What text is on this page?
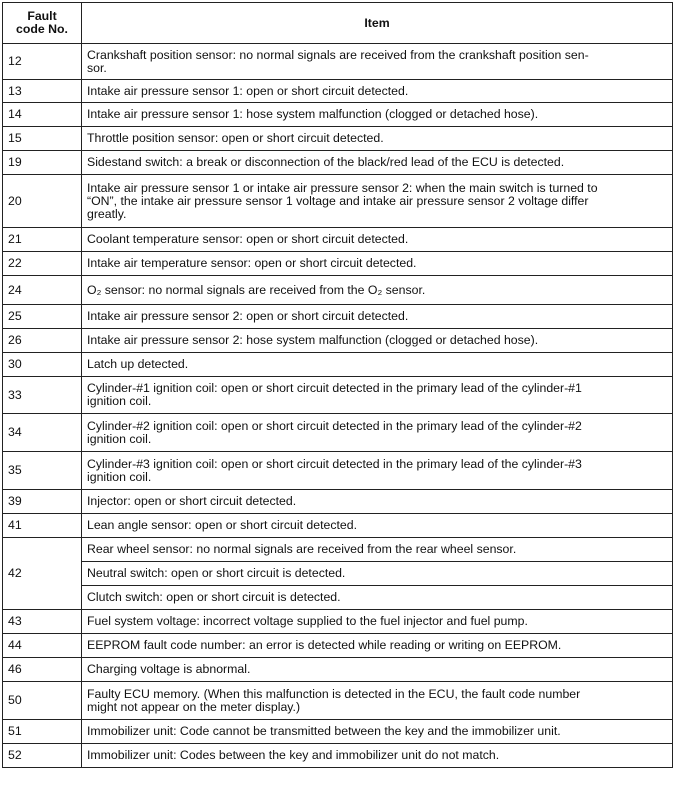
Fault
code No.	Item
12	Crankshaft position sensor: no normal signals are received from the crankshaft position sen-
sor.
13	Intake air pressure sensor 1: open or short circuit detected.
14	Intake air pressure sensor 1: hose system malfunction (clogged or detached hose).
15	Throttle position sensor: open or short circuit detected.
19	Sidestand switch: a break or disconnection of the black/red lead of the ECU is detected.
20	Intake air pressure sensor 1 or intake air pressure sensor 2: when the main switch is turned to
“ON”, the intake air pressure sensor 1 voltage and intake air pressure sensor 2 voltage differ
greatly.
21	Coolant temperature sensor: open or short circuit detected.
22	Intake air temperature sensor: open or short circuit detected.
24	O₂ sensor: no normal signals are received from the O₂ sensor.
25	Intake air pressure sensor 2: open or short circuit detected.
26	Intake air pressure sensor 2: hose system malfunction (clogged or detached hose).
30	Latch up detected.
33	Cylinder-#1 ignition coil: open or short circuit detected in the primary lead of the cylinder-#1
ignition coil.
34	Cylinder-#2 ignition coil: open or short circuit detected in the primary lead of the cylinder-#2
ignition coil.
35	Cylinder-#3 ignition coil: open or short circuit detected in the primary lead of the cylinder-#3
ignition coil.
39	Injector: open or short circuit detected.
41	Lean angle sensor: open or short circuit detected.
42	Rear wheel sensor: no normal signals are received from the rear wheel sensor.
	Neutral switch: open or short circuit is detected.
	Clutch switch: open or short circuit is detected.
43	Fuel system voltage: incorrect voltage supplied to the fuel injector and fuel pump.
44	EEPROM fault code number: an error is detected while reading or writing on EEPROM.
46	Charging voltage is abnormal.
50	Faulty ECU memory. (When this malfunction is detected in the ECU, the fault code number
might not appear on the meter display.)
51	Immobilizer unit: Code cannot be transmitted between the key and the immobilizer unit.
52	Immobilizer unit: Codes between the key and immobilizer unit do not match.
